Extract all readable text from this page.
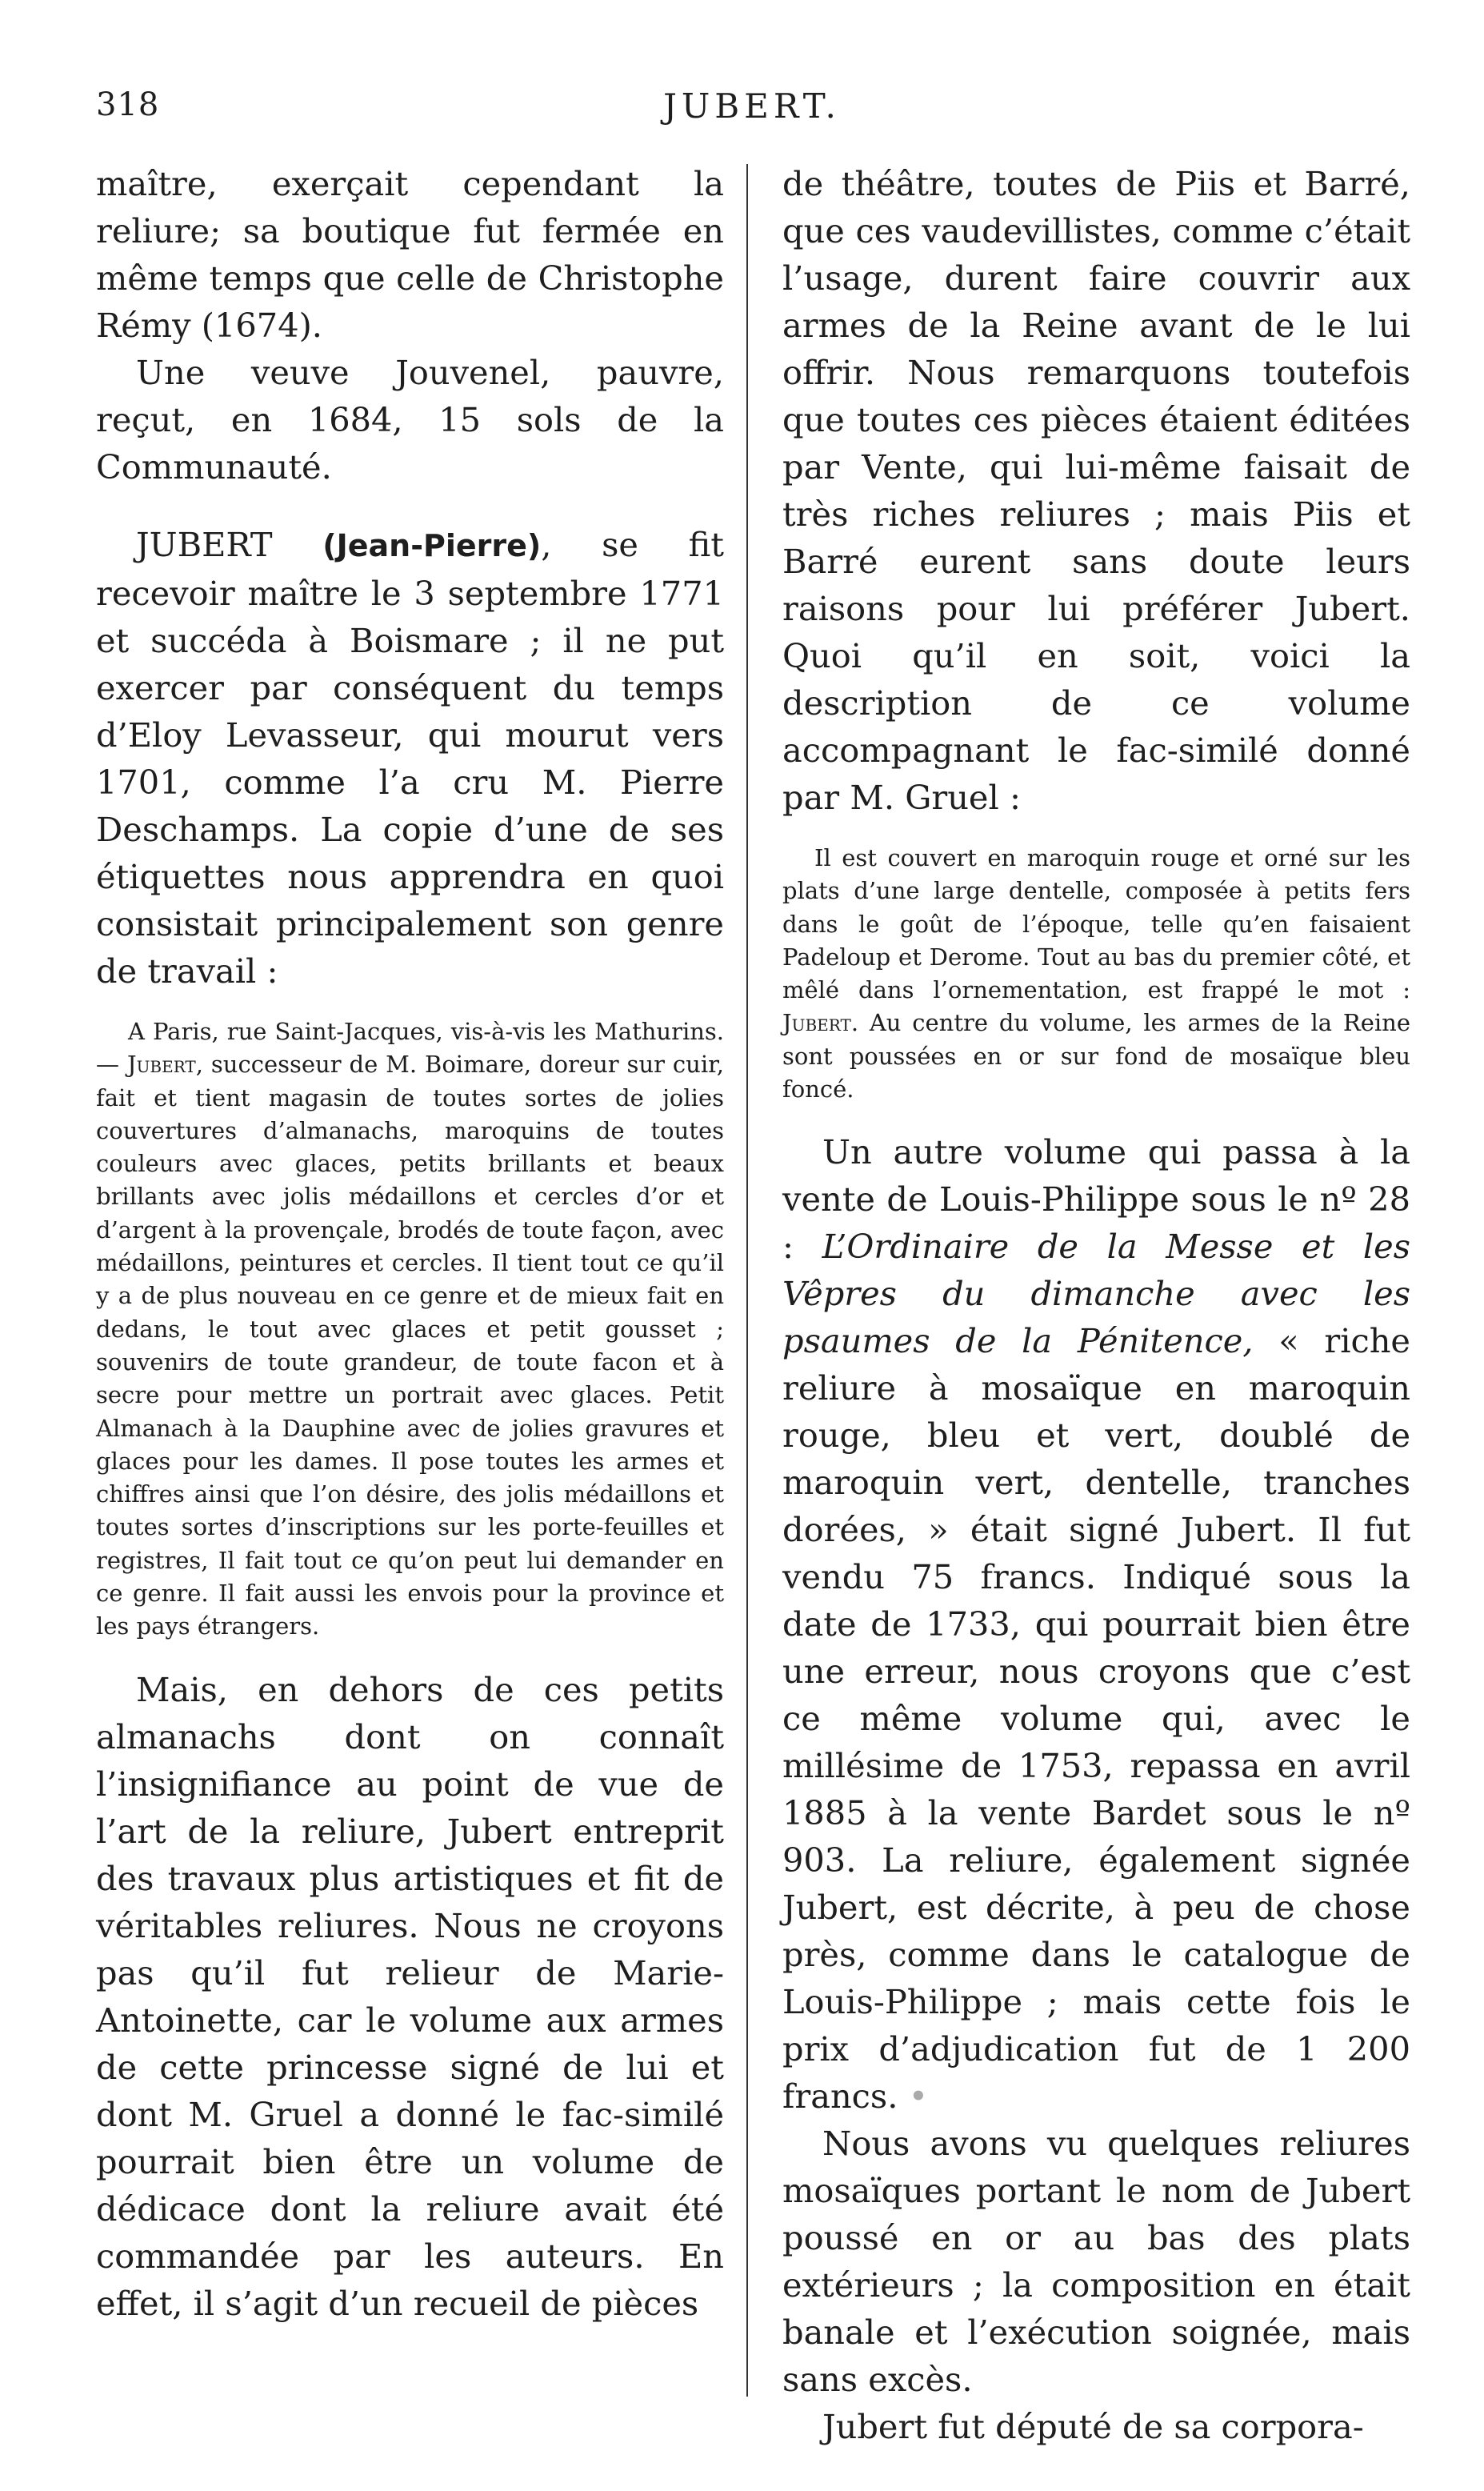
318	JUBERT.

maître, exerçait cependant la reliure; sa boutique fut fermée en même temps que celle de Christophe Rémy (1674).

Une veuve Jouvenel, pauvre, reçut, en 1684, 15 sols de la Communauté.

JUBERT (Jean-Pierre), se fit recevoir maître le 3 septembre 1771 et succéda à Boismare ; il ne put exercer par conséquent du temps d’Eloy Levasseur, qui mourut vers 1701, comme l’a cru M. Pierre Deschamps. La copie d’une de ses étiquettes nous apprendra en quoi consistait principalement son genre de travail :

A Paris, rue Saint-Jacques, vis-à-vis les Mathurins. — Jubert, successeur de M. Boimare, doreur sur cuir, fait et tient magasin de toutes sortes de jolies couvertures d’almanachs, maroquins de toutes couleurs avec glaces, petits brillants et beaux brillants avec jolis médaillons et cercles d’or et d’argent à la provençale, brodés de toute façon, avec médaillons, peintures et cercles. Il tient tout ce qu’il y a de plus nouveau en ce genre et de mieux fait en dedans, le tout avec glaces et petit gousset ; souvenirs de toute grandeur, de toute facon et à secre pour mettre un portrait avec glaces. Petit Almanach à la Dauphine avec de jolies gravures et glaces pour les dames. Il pose toutes les armes et chiffres ainsi que l’on désire, des jolis médaillons et toutes sortes d’inscriptions sur les porte-feuilles et registres, Il fait tout ce qu’on peut lui demander en ce genre. Il fait aussi les envois pour la province et les pays étrangers.

Mais, en dehors de ces petits almanachs dont on connaît l’insignifiance au point de vue de l’art de la reliure, Jubert entreprit des travaux plus artistiques et fit de véritables reliures. Nous ne croyons pas qu’il fut relieur de Marie-Antoinette, car le volume aux armes de cette princesse signé de lui et dont M. Gruel a donné le fac-similé pourrait bien être un volume de dédicace dont la reliure avait été commandée par les auteurs. En effet, il s’agit d’un recueil de pièces

de théâtre, toutes de Piis et Barré, que ces vaudevillistes, comme c’était l’usage, durent faire couvrir aux armes de la Reine avant de le lui offrir. Nous remarquons toutefois que toutes ces pièces étaient éditées par Vente, qui lui-même faisait de très riches reliures ; mais Piis et Barré eurent sans doute leurs raisons pour lui préférer Jubert. Quoi qu’il en soit, voici la description de ce volume accompagnant le fac-similé donné par M. Gruel :

Il est couvert en maroquin rouge et orné sur les plats d’une large dentelle, composée à petits fers dans le goût de l’époque, telle qu’en faisaient Padeloup et Derome. Tout au bas du premier côté, et mêlé dans l’ornementation, est frappé le mot : Jubert. Au centre du volume, les armes de la Reine sont poussées en or sur fond de mosaïque bleu foncé.

Un autre volume qui passa à la vente de Louis-Philippe sous le nº 28 : L’Ordinaire de la Messe et les Vêpres du dimanche avec les psaumes de la Pénitence, « riche reliure à mosaïque en maroquin rouge, bleu et vert, doublé de maroquin vert, dentelle, tranches dorées, » était signé Jubert. Il fut vendu 75 francs. Indiqué sous la date de 1733, qui pourrait bien être une erreur, nous croyons que c’est ce même volume qui, avec le millésime de 1753, repassa en avril 1885 à la vente Bardet sous le nº 903. La reliure, également signée Jubert, est décrite, à peu de chose près, comme dans le catalogue de Louis-Philippe ; mais cette fois le prix d’adjudication fut de 1 200 francs. •

Nous avons vu quelques reliures mosaïques portant le nom de Jubert poussé en or au bas des plats extérieurs ; la composition en était banale et l’exécution soignée, mais sans excès.

Jubert fut député de sa corpora-
